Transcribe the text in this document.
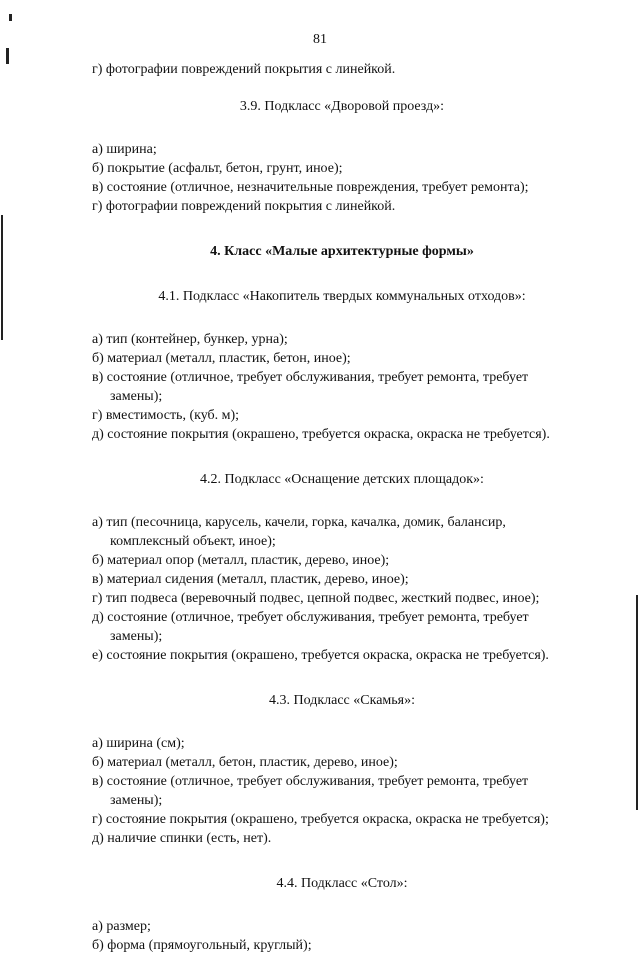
81
г) фотографии повреждений покрытия с линейкой.
3.9. Подкласс «Дворовой проезд»:
а) ширина;
б) покрытие (асфальт, бетон, грунт, иное);
в) состояние (отличное, незначительные повреждения, требует ремонта);
г) фотографии повреждений покрытия с линейкой.
4. Класс «Малые архитектурные формы»
4.1. Подкласс «Накопитель твердых коммунальных отходов»:
а) тип (контейнер, бункер, урна);
б) материал (металл, пластик, бетон, иное);
в) состояние (отличное, требует обслуживания, требует ремонта, требует
замены);
г) вместимость, (куб. м);
д) состояние покрытия (окрашено, требуется окраска, окраска не требуется).
4.2. Подкласс «Оснащение детских площадок»:
а) тип (песочница, карусель, качели, горка, качалка, домик, балансир,
комплексный объект, иное);
б) материал опор (металл, пластик, дерево, иное);
в) материал сидения (металл, пластик, дерево, иное);
г) тип подвеса (веревочный подвес, цепной подвес, жесткий подвес, иное);
д) состояние (отличное, требует обслуживания, требует ремонта, требует
замены);
е) состояние покрытия (окрашено, требуется окраска, окраска не требуется).
4.3. Подкласс «Скамья»:
а) ширина (см);
б) материал (металл, бетон, пластик, дерево, иное);
в) состояние (отличное, требует обслуживания, требует ремонта, требует
замены);
г) состояние покрытия (окрашено, требуется окраска, окраска не требуется);
д) наличие спинки (есть, нет).
4.4. Подкласс «Стол»:
а) размер;
б) форма (прямоугольный, круглый);
